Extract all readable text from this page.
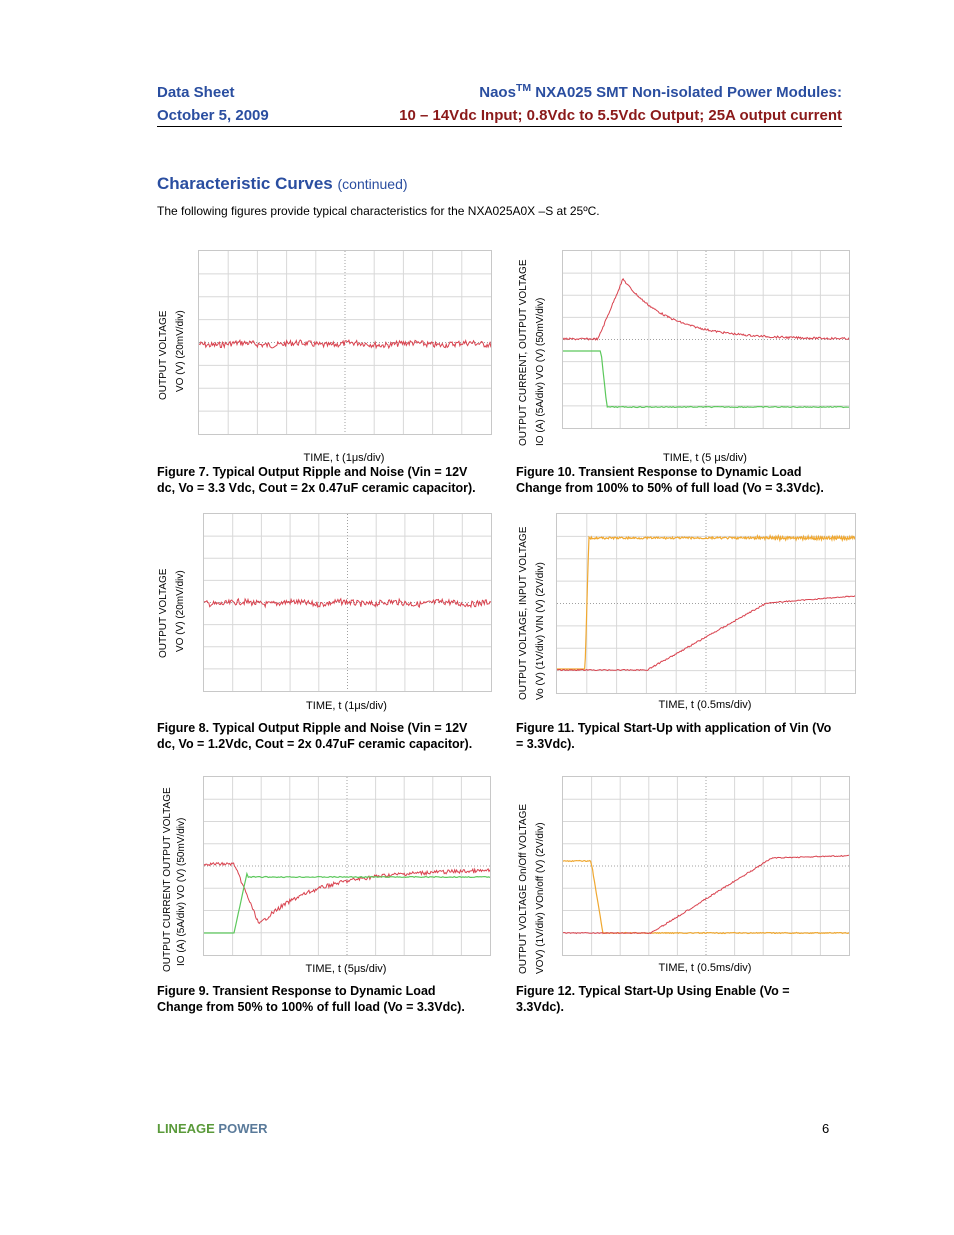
Data Sheet
October 5, 2009
Naos™ NXA025 SMT Non-isolated Power Modules:
10 – 14Vdc Input; 0.8Vdc to 5.5Vdc Output; 25A output current
Characteristic Curves (continued)
The following figures provide typical characteristics for the NXA025A0X –S at 25ºC.
OUTPUT VOLTAGE VO (V) (20mV/div)
TIME, t (1μs/div)
Figure 7. Typical Output Ripple and Noise (Vin = 12V
dc, Vo = 3.3 Vdc, Cout = 2x 0.47uF ceramic capacitor).
OUTPUT CURRENT, OUTPUT VOLTAGE IO (A) (5A/div) VO (V) (50mV/div)
TIME, t (5 μs/div)
Figure 10. Transient Response to Dynamic Load
Change from 100% to 50% of full load (Vo = 3.3Vdc).
OUTPUT VOLTAGE VO (V) (20mV/div)
TIME, t (1μs/div)
Figure 8. Typical Output Ripple and Noise (Vin = 12V
dc, Vo = 1.2Vdc, Cout = 2x 0.47uF ceramic capacitor).
OUTPUT VOLTAGE, INPUT VOLTAGE Vo (V) (1V/div) VIN (V) (2V/div)
TIME, t (0.5ms/div)
Figure 11. Typical Start-Up with application of Vin (Vo
= 3.3Vdc).
OUTPUT CURRENT OUTPUT VOLTAGE IO (A) (5A/div) VO (V) (50mV/div)
TIME, t (5μs/div)
Figure 9. Transient Response to Dynamic Load
Change from 50% to 100% of full load (Vo = 3.3Vdc).
OUTPUT VOLTAGE On/Off VOLTAGE VOV) (1V/div) VOn/off (V) (2V/div)	TIME, t (0.5ms/div)
Figure 12. Typical Start-Up Using Enable (Vo =
3.3Vdc).
LINEAGE POWER	6
